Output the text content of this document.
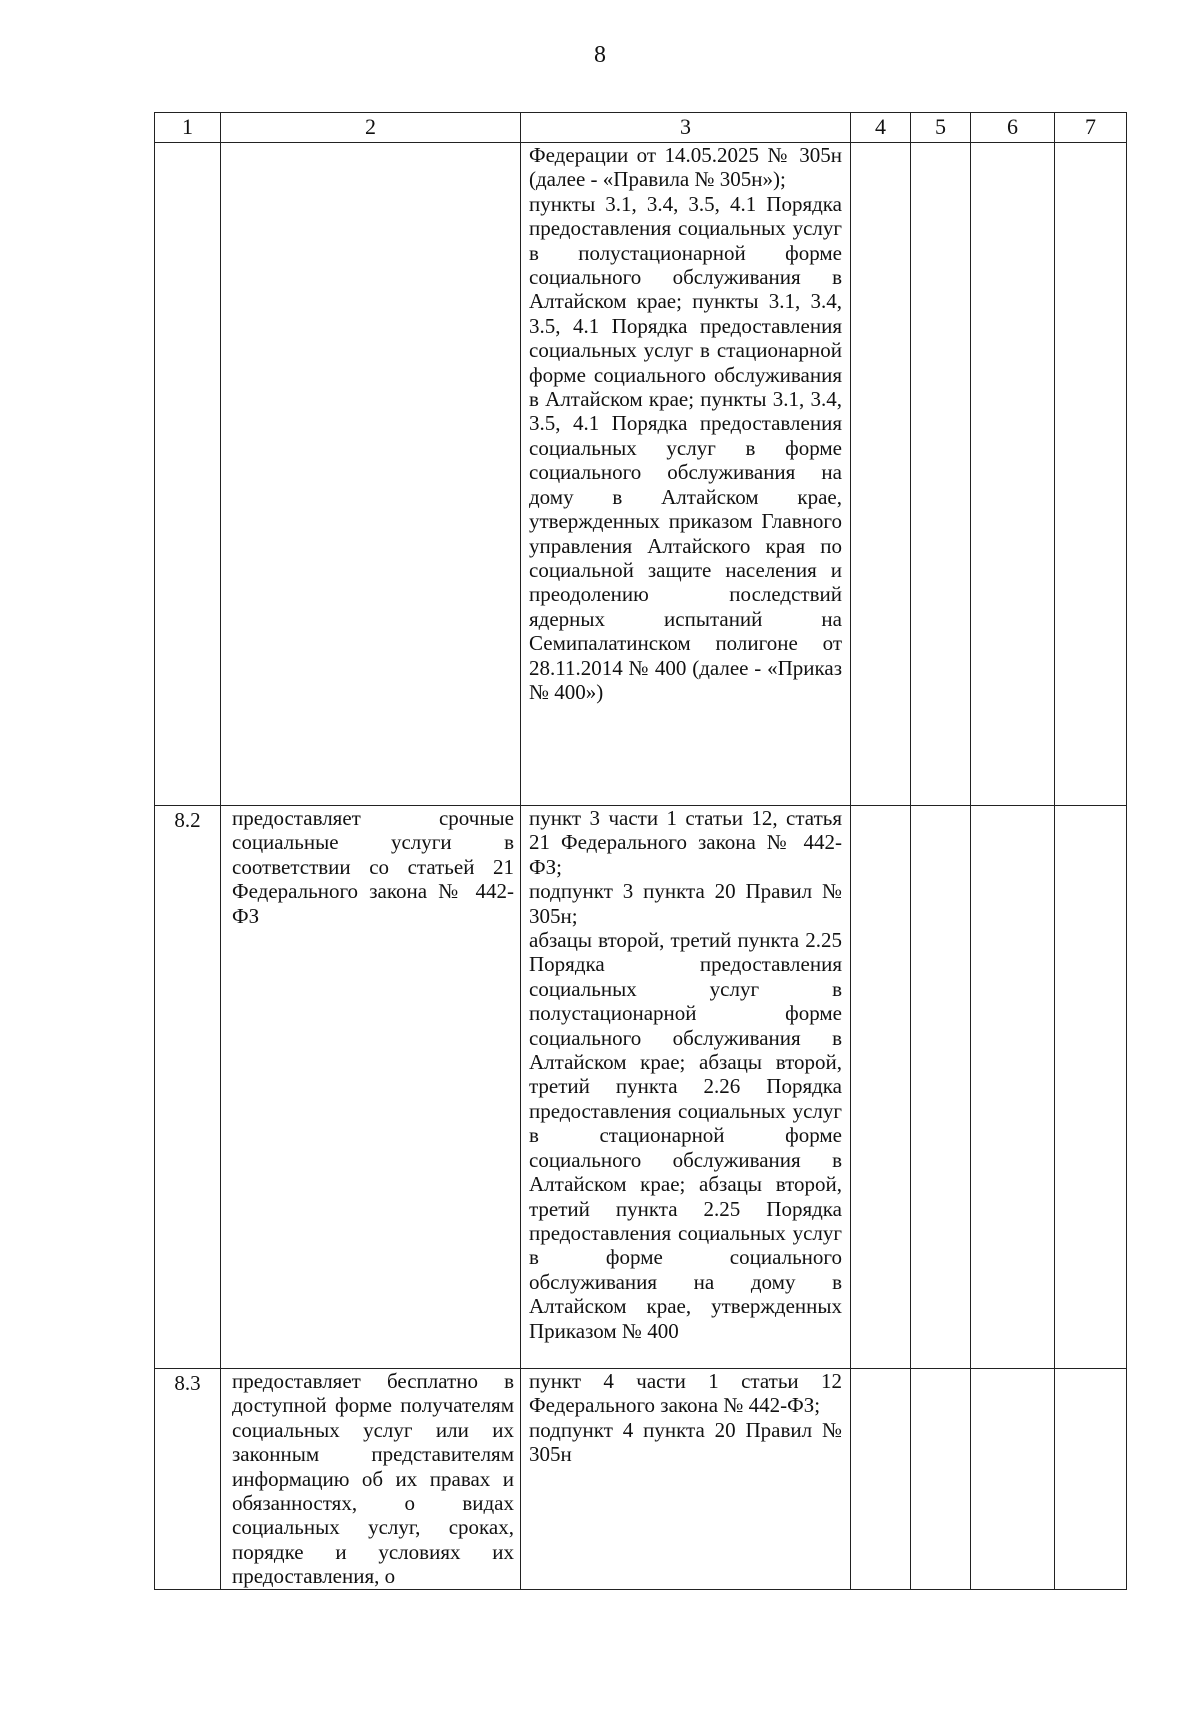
8
1	2	3	4	5	6	7
		Федерации от 14.05.2025 № 305н (далее - «Правила № 305н»);
пункты 3.1, 3.4, 3.5, 4.1 Порядка предоставления социальных услуг в полустационарной форме социального обслуживания в Алтайском крае; пункты 3.1, 3.4, 3.5, 4.1 Порядка предоставления социальных услуг в стационарной форме социального обслуживания в Алтайском крае; пункты 3.1, 3.4, 3.5, 4.1 Порядка предоставления социальных услуг в форме социального обслуживания на дому в Алтайском крае, утвержденных приказом Главного управления Алтайского края по социальной защите населения и преодолению последствий ядерных испытаний на Семипалатинском полигоне от 28.11.2014 № 400 (далее - «Приказ № 400»)				
8.2	предоставляет срочные социальные услуги в соответствии со статьей 21 Федерального закона № 442-ФЗ	пункт 3 части 1 статьи 12, статья 21 Федерального закона № 442-ФЗ;
подпункт 3 пункта 20 Правил № 305н;
абзацы второй, третий пункта 2.25 Порядка предоставления социальных услуг в полустационарной форме социального обслуживания в Алтайском крае; абзацы второй, третий пункта 2.26 Порядка предоставления социальных услуг в стационарной форме социального обслуживания в Алтайском крае; абзацы второй, третий пункта 2.25 Порядка предоставления социальных услуг в форме социального обслуживания на дому в Алтайском крае, утвержденных Приказом № 400				
8.3	предоставляет бесплатно в доступной форме получателям социальных услуг или их законным представителям информацию об их правах и обязанностях, о видах социальных услуг, сроках, порядке и условиях их предоставления, о	пункт 4 части 1 статьи 12 Федерального закона № 442-ФЗ;
подпункт 4 пункта 20 Правил № 305н				
